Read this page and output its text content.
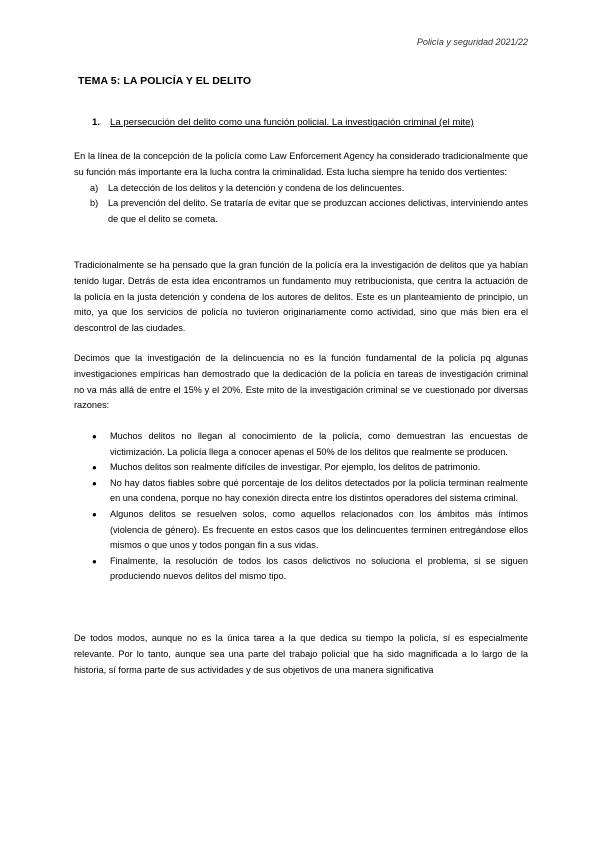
Policía y seguridad 2021/22
TEMA 5: LA POLICÍA Y EL DELITO
1. La persecución del delito como una función policial. La investigación criminal (el mite)

En la línea de la concepción de la policía como Law Enforcement Agency ha considerado tradicionalmente que su función más importante era la lucha contra la criminalidad. Esta lucha siempre ha tenido dos vertientes:

a) La detección de los delitos y la detención y condena de los delincuentes.
b) La prevención del delito. Se trataría de evitar que se produzcan acciones delictivas, interviniendo antes de que el delito se cometa.

Tradicionalmente se ha pensado que la gran función de la policía era la investigación de delitos que ya habían tenido lugar. Detrás de esta idea encontramos un fundamento muy retribucionista, que centra la actuación de la policía en la justa detención y condena de los autores de delitos. Este es un planteamiento de principio, un mito, ya que los servicios de policía no tuvieron originariamente como actividad, sino que más bien era el descontrol de las ciudades.

Decimos que la investigación de la delincuencia no es la función fundamental de la policía pq algunas investigaciones empíricas han demostrado que la dedicación de la policía en tareas de investigación criminal no va más allá de entre el 15% y el 20%. Este mito de la investigación criminal se ve cuestionado por diversas razones:

● Muchos delitos no llegan al conocimiento de la policía, como demuestran las encuestas de victimización. La policía llega a conocer apenas el 50% de los delitos que realmente se producen.
● Muchos delitos son realmente difíciles de investigar. Por ejemplo, los delitos de patrimonio.
● No hay datos fiables sobre qué porcentaje de los delitos detectados por la policía terminan realmente en una condena, porque no hay conexión directa entre los distintos operadores del sistema criminal.
● Algunos delitos se resuelven solos, como aquellos relacionados con los ámbitos más íntimos (violencia de género). Es frecuente en estos casos que los delincuentes terminen entregándose ellos mismos o que unos y todos pongan fin a sus vidas.
● Finalmente, la resolución de todos los casos delictivos no soluciona el problema, si se siguen produciendo nuevos delitos del mismo tipo.

De todos modos, aunque no es la única tarea a la que dedica su tiempo la policía, sí es especialmente relevante. Por lo tanto, aunque sea una parte del trabajo policial que ha sido magnificada a lo largo de la historia, sí forma parte de sus actividades y de sus objetivos de una manera significativa
